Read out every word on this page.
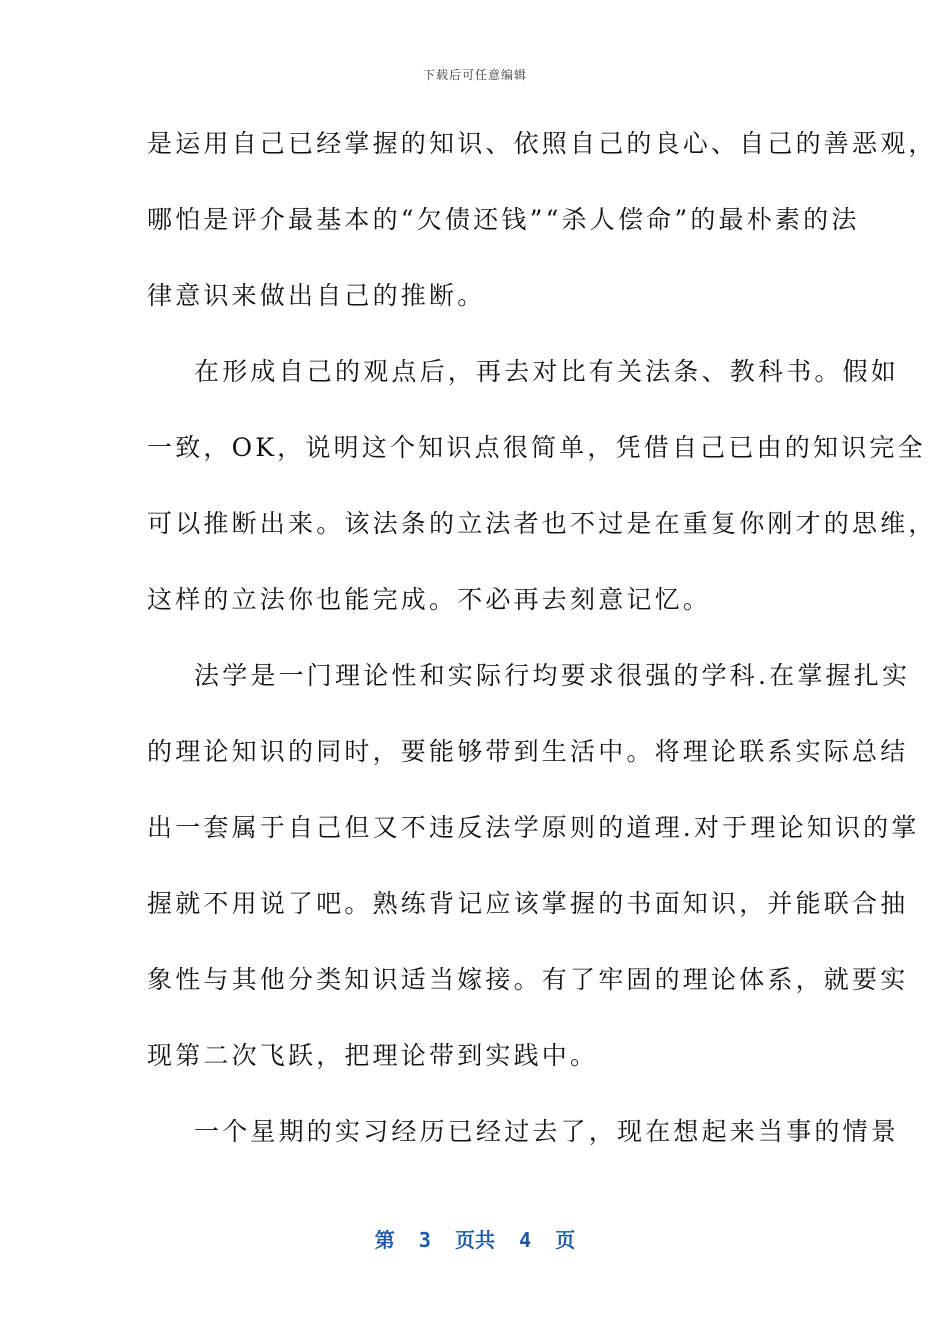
下载后可任意编辑
是运用自己已经掌握的知识、依照自己的良心、自己的善恶观，
哪怕是评介最基本的“欠债还钱”“杀人偿命”的最朴素的法
律意识来做出自己的推断。
在形成自己的观点后，再去对比有关法条、教科书。假如
一致，OK，说明这个知识点很简单，凭借自己已由的知识完全
可以推断出来。该法条的立法者也不过是在重复你刚才的思维，
这样的立法你也能完成。不必再去刻意记忆。
法学是一门理论性和实际行均要求很强的学科.在掌握扎实
的理论知识的同时，要能够带到生活中。将理论联系实际总结
出一套属于自己但又不违反法学原则的道理.对于理论知识的掌
握就不用说了吧。熟练背记应该掌握的书面知识，并能联合抽
象性与其他分类知识适当嫁接。有了牢固的理论体系，就要实
现第二次飞跃，把理论带到实践中。
一个星期的实习经历已经过去了，现在想起来当事的情景
第  3  页共  4  页
